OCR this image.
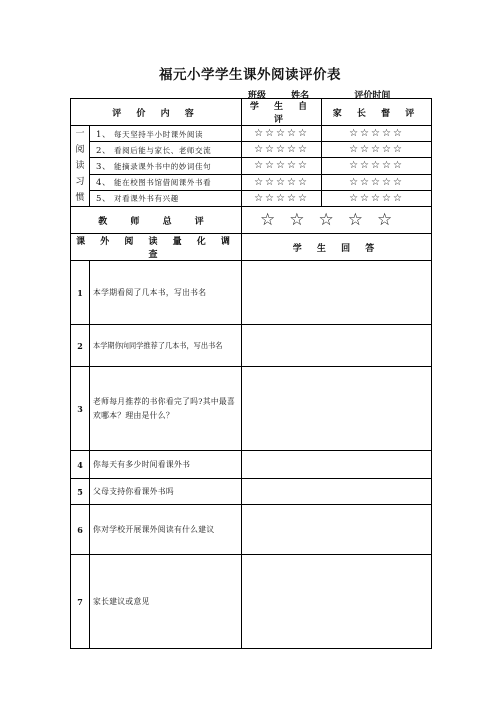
福元小学学生课外阅读评价表
班级	姓名	评价时间
评 价 内 容		学 生 自 评	家 长 督 评

一
阅
读
习
惯	1、 每天坚持半小时课外阅读	☆☆☆☆☆	☆☆☆☆☆
	2、 看阅后能与家长、老师交流	☆☆☆☆☆	☆☆☆☆☆
	3、 能摘录课外书中的妙词佳句	☆☆☆☆☆	☆☆☆☆☆
	4、 能在校图书馆借阅课外书看	☆☆☆☆☆	☆☆☆☆☆
	5、 对看课外书有兴趣	☆☆☆☆☆	☆☆☆☆☆
教 师 总 评		☆☆☆☆☆	
课 外 阅 读 量 化 调 查		学 生 回 答	
1	本学期看阅了几本书，写出书名		
2	本学期你向同学推荐了几本书，写出书名		
3	老师每月推荐的书你看完了吗?其中最喜欢哪本？理由是什么？		
4	你每天有多少时间看课外书		
5	父母支持你看课外书吗		
6	你对学校开展课外阅读有什么建议		
7	家长建议或意见		
